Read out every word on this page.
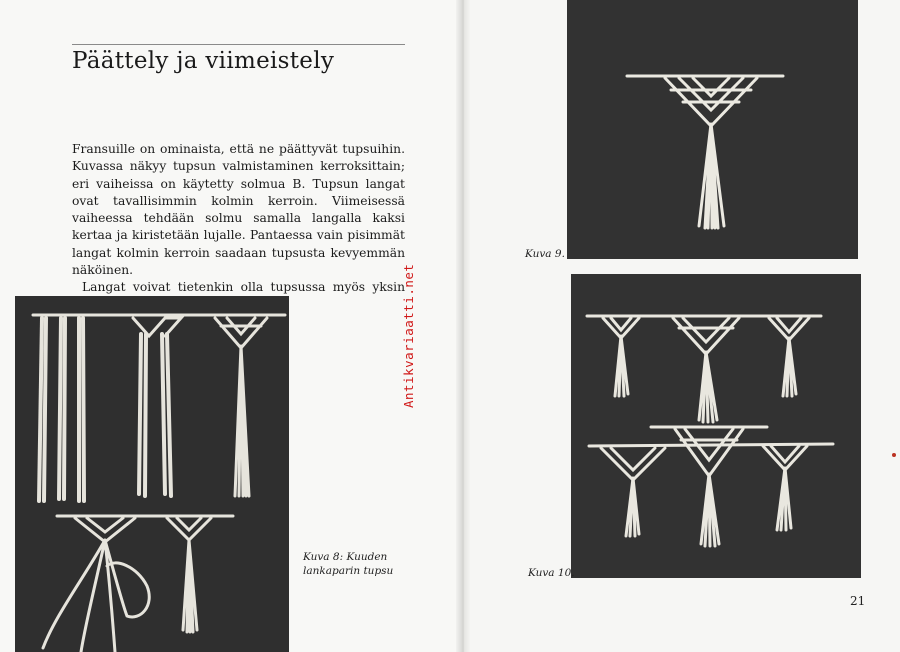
Päättely ja viimeistely

Fransuille on ominaista, että ne päättyvät tupsuihin. Kuvassa näkyy tupsun valmistaminen kerroksittain; eri vaiheissa on käytetty solmua B. Tupsun langat ovat tavallisimmin kolmin kerroin. Viimeisessä vaiheessa tehdään solmu samalla langalla kaksi kertaa ja kiristetään lujalle. Pantaessa vain pisimmät langat kolmin kerroin saadaan tupsusta kevyemmän näköinen.

Langat voivat tietenkin olla tupsussa myös yksin

Kuva 8: Kuuden
lankaparin tupsu
Antikvariaatti.net
Kuva 9.
Kuva 10.
21
